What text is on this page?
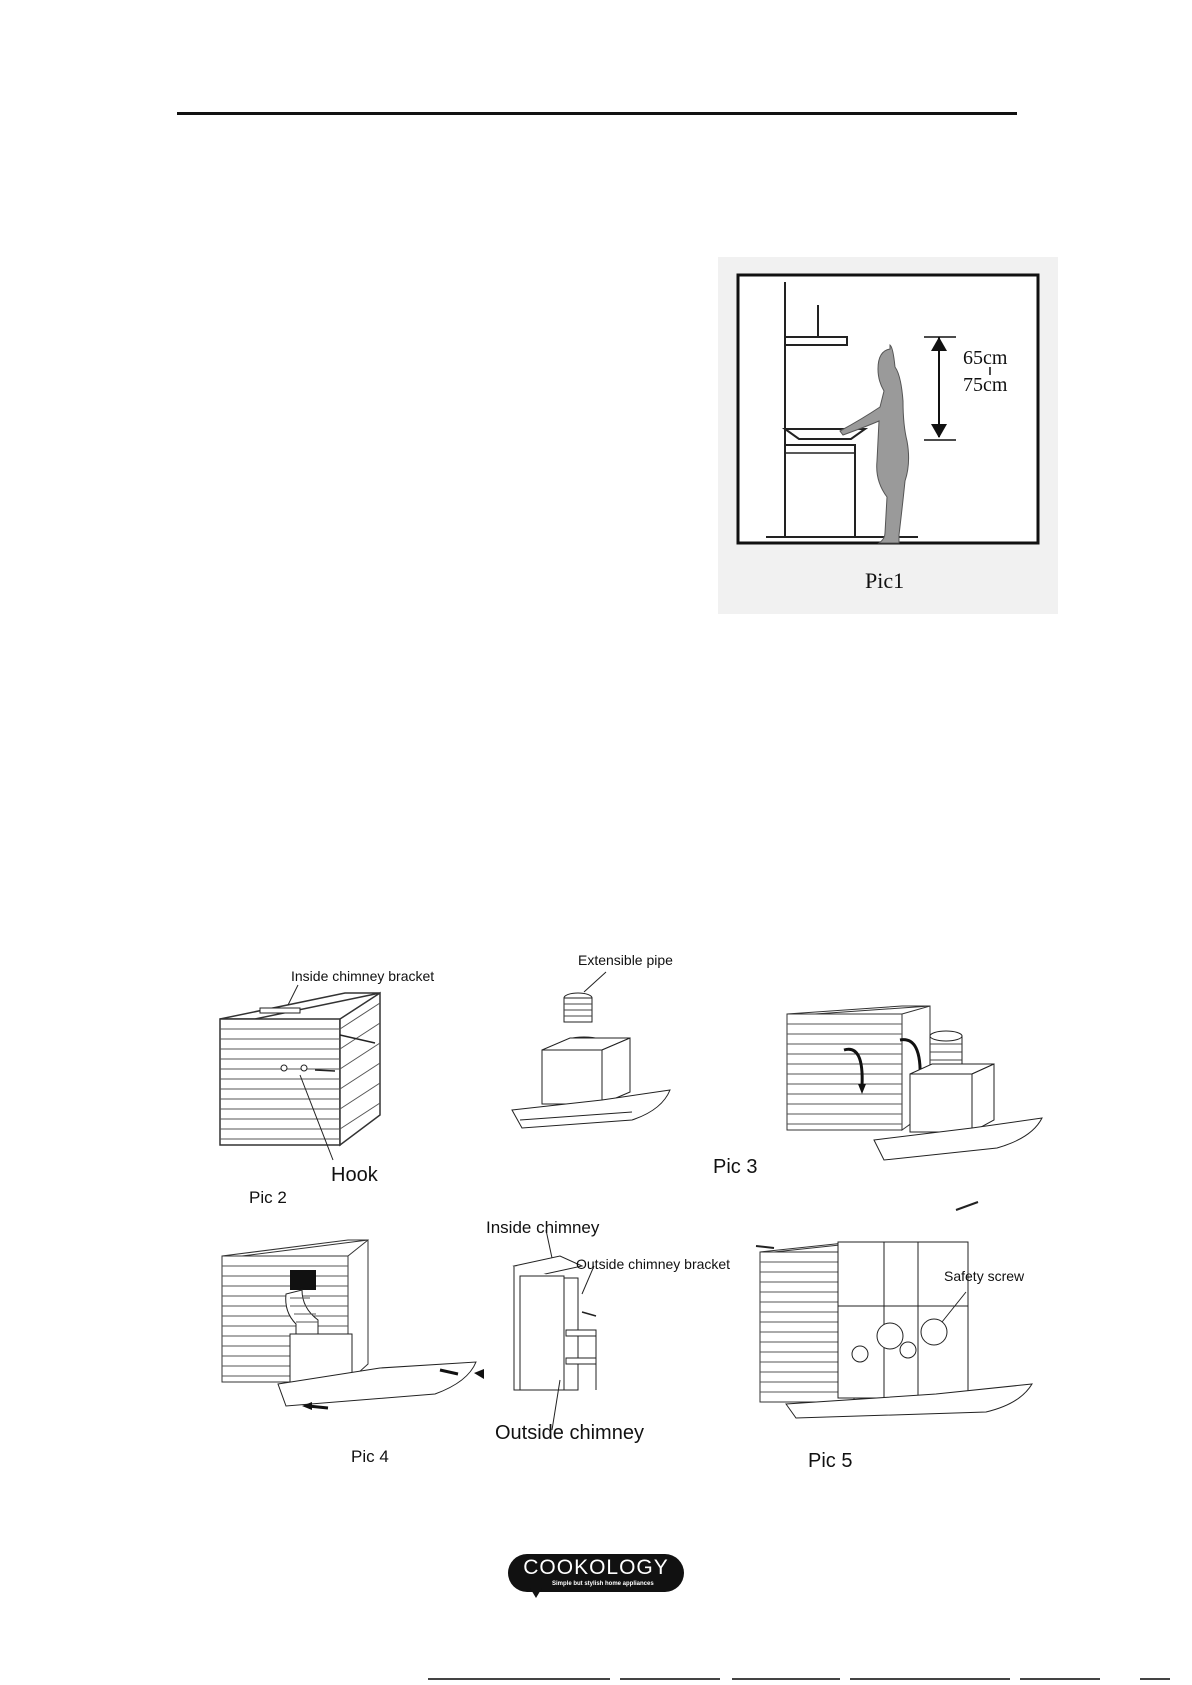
65cm
75cm
Pic1
Inside chimney bracket
Hook
Pic 2
Extensible pipe
Pic 3
Pic 4
Inside chimney
Outside chimney bracket
Outside chimney
Safety screw
Pic 5
COOKOLOGY
Simple but stylish home appliances
